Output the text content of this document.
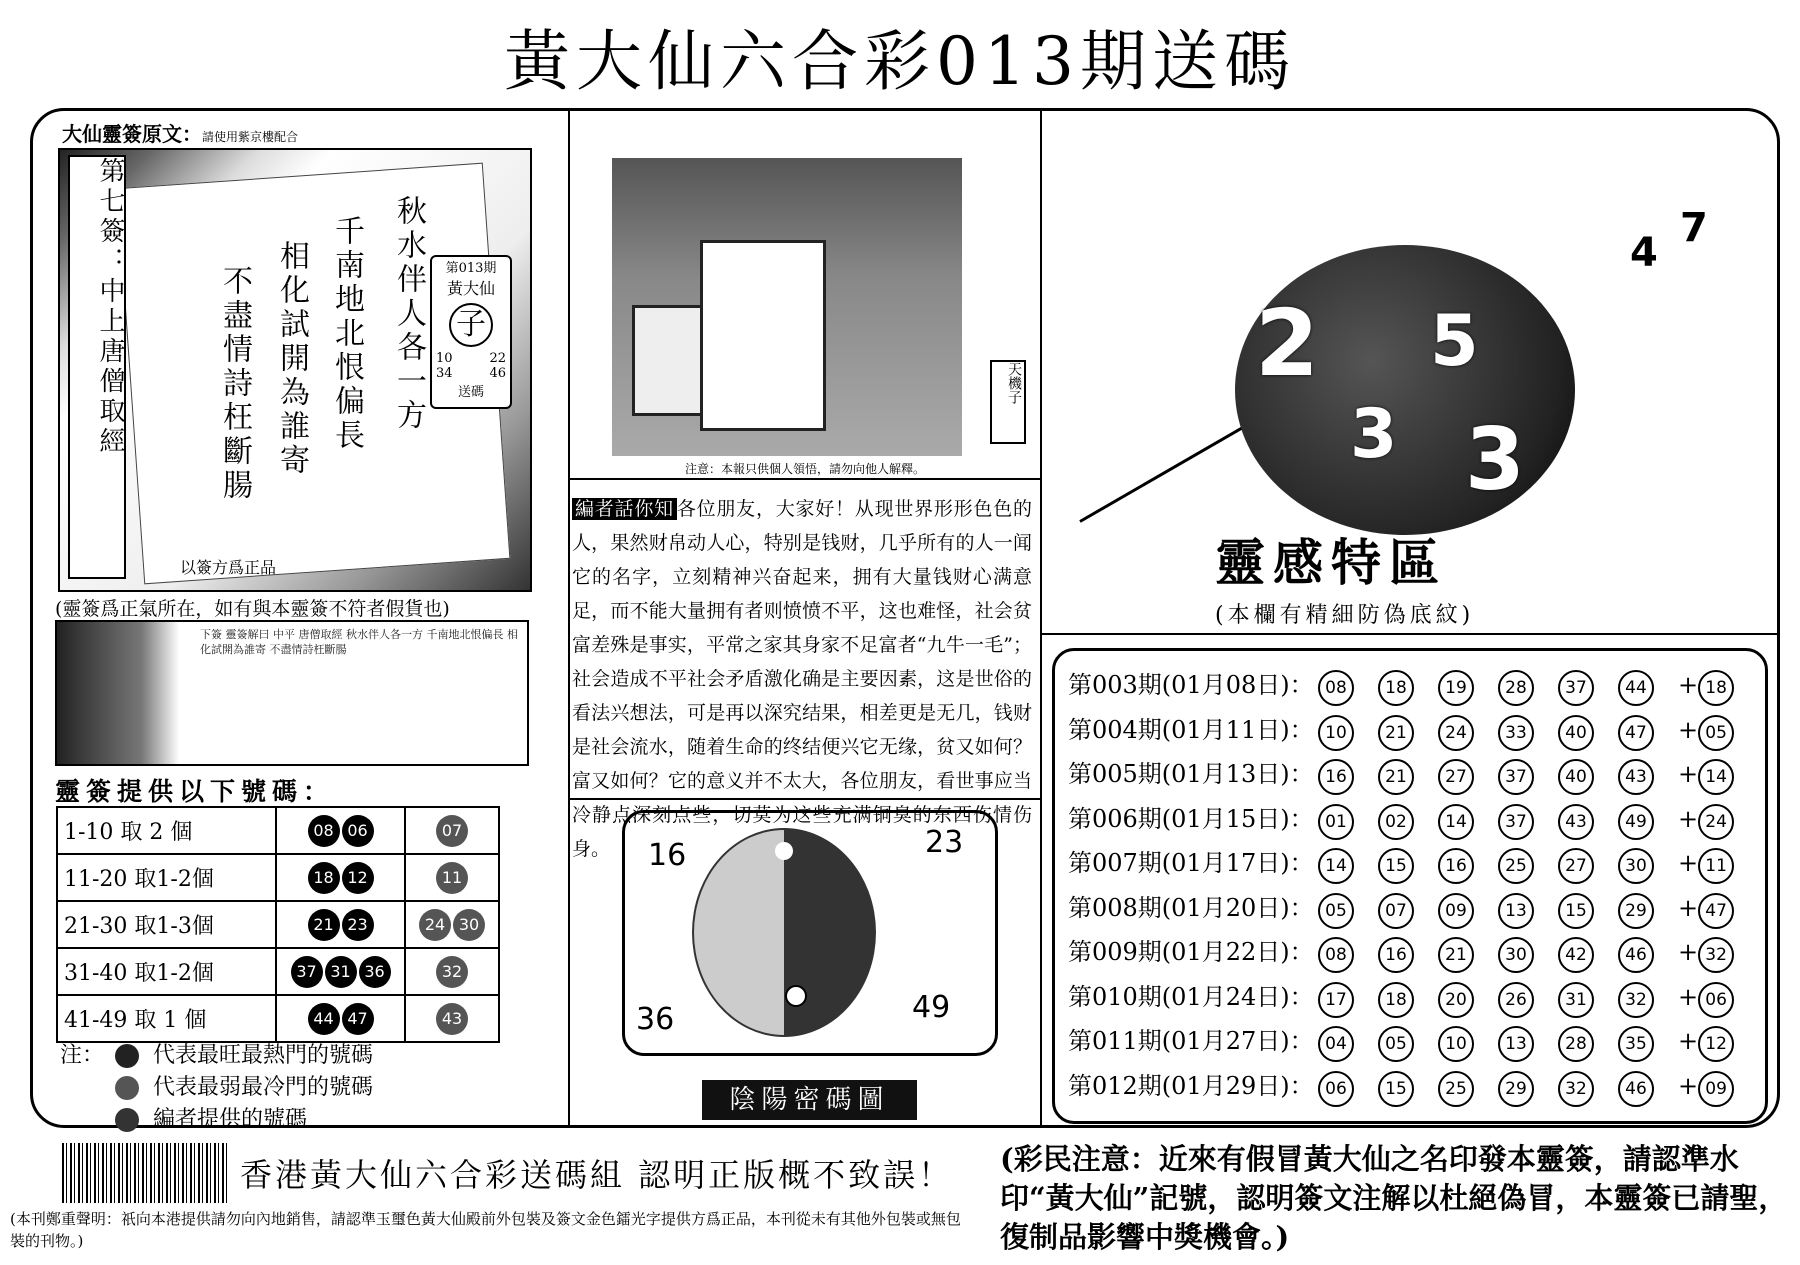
黃大仙六合彩013期送碼
大仙靈簽原文：請使用紫京樓配合
第七簽：中上唐僧取經	秋水伴人各一方
千南地北恨偏長
相化試開為誰寄
不盡情詩枉斷腸	第013期
黃大仙
子
10	22
34	46
送碼
以簽方爲正品
(靈簽爲正氣所在，如有與本靈簽不符者假貨也)
下簽 靈簽解曰 中平 唐僧取經 秋水伴人各一方 千南地北恨偏長 相化試開為誰寄 不盡情詩枉斷腸
靈簽提供以下號碼：
1-10 取 2 個	08 06	07
11-20 取1-2個	18 12	11
21-30 取1-3個	21 23	24 30
31-40 取1-2個	37 31 36	32
41-49 取 1 個	44 47	43
注：	代表最旺最熱門的號碼
代表最弱最冷門的號碼
編者提供的號碼
天機子
注意：本報只供個人領悟，請勿向他人解釋。
編者話你知 各位朋友，大家好！从现世界形形色色的人，果然财帛动人心，特别是钱财，几乎所有的人一闻它的名字，立刻精神兴奋起来，拥有大量钱财心满意足，而不能大量拥有者则愤愤不平，这也难怪，社会贫富差殊是事实，平常之家其身家不足富者“九牛一毛”；社会造成不平社会矛盾激化确是主要因素，这是世俗的看法兴想法，可是再以深究结果，相差更是无几，钱财是社会流水，随着生命的终结便兴它无缘，贫又如何？富又如何？它的意义并不太大，各位朋友，看世事应当冷静点深刻点些，切莫为这些充满铜臭的东西伤情伤身。	16	23
36	49
陰陽密碼圖
2 5
3 3
4
7
靈感特區
(本欄有精細防偽底紋)
第003期(01月08日)： 08 18 19 28 37 44 + 18
第004期(01月11日)： 10 21 24 33 40 47 + 05
第005期(01月13日)： 16 21 27 37 40 43 + 14
第006期(01月15日)： 01 02 14 37 43 49 + 24
第007期(01月17日)： 14 15 16 25 27 30 + 11
第008期(01月20日)： 05 07 09 13 15 29 + 47
第009期(01月22日)： 08 16 21 30 42 46 + 32
第010期(01月24日)： 17 18 20 26 31 32 + 06
第011期(01月27日)： 04 05 10 13 28 35 + 12
第012期(01月29日)： 06 15 25 29 32 46 + 09
香港黃大仙六合彩送碼組 認明正版概不致誤！
(本刊鄭重聲明：祇向本港提供請勿向內地銷售，請認準玉璽色黃大仙殿前外包裝及簽文金色鐳光字提供方爲正品，本刊從未有其他外包裝或無包裝的刊物。)
(彩民注意：近來有假冒黃大仙之名印發本靈簽，請認準水印“黃大仙”記號，認明簽文注解以杜絕偽冒，本靈簽已請聖，復制品影響中獎機會。)
